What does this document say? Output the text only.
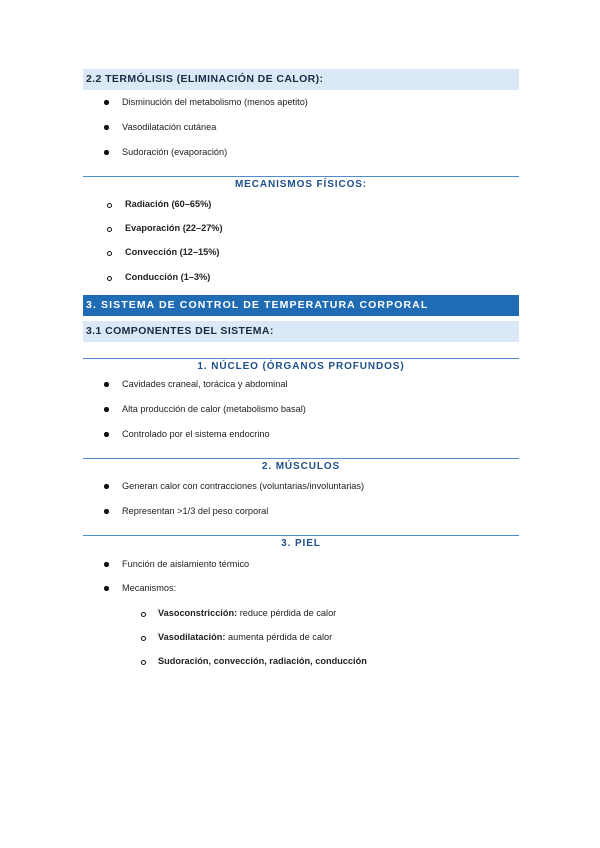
2.2 TERMÓLISIS (ELIMINACIÓN DE CALOR):
Disminución del metabolismo (menos apetito)
Vasodilatación cutánea
Sudoración (evaporación)
MECANISMOS FÍSICOS:
Radiación (60–65%)
Evaporación (22–27%)
Convección (12–15%)
Conducción (1–3%)
3. SISTEMA DE CONTROL DE TEMPERATURA CORPORAL
3.1 COMPONENTES DEL SISTEMA:
1. NÚCLEO (ÓRGANOS PROFUNDOS)
Cavidades craneal, torácica y abdominal
Alta producción de calor (metabolismo basal)
Controlado por el sistema endocrino
2. MÚSCULOS
Generan calor con contracciones (voluntarias/involuntarias)
Representan >1/3 del peso corporal
3. PIEL
Función de aislamiento térmico
Mecanismos:
Vasoconstricción: reduce pérdida de calor
Vasodilatación: aumenta pérdida de calor
Sudoración, convección, radiación, conducción
